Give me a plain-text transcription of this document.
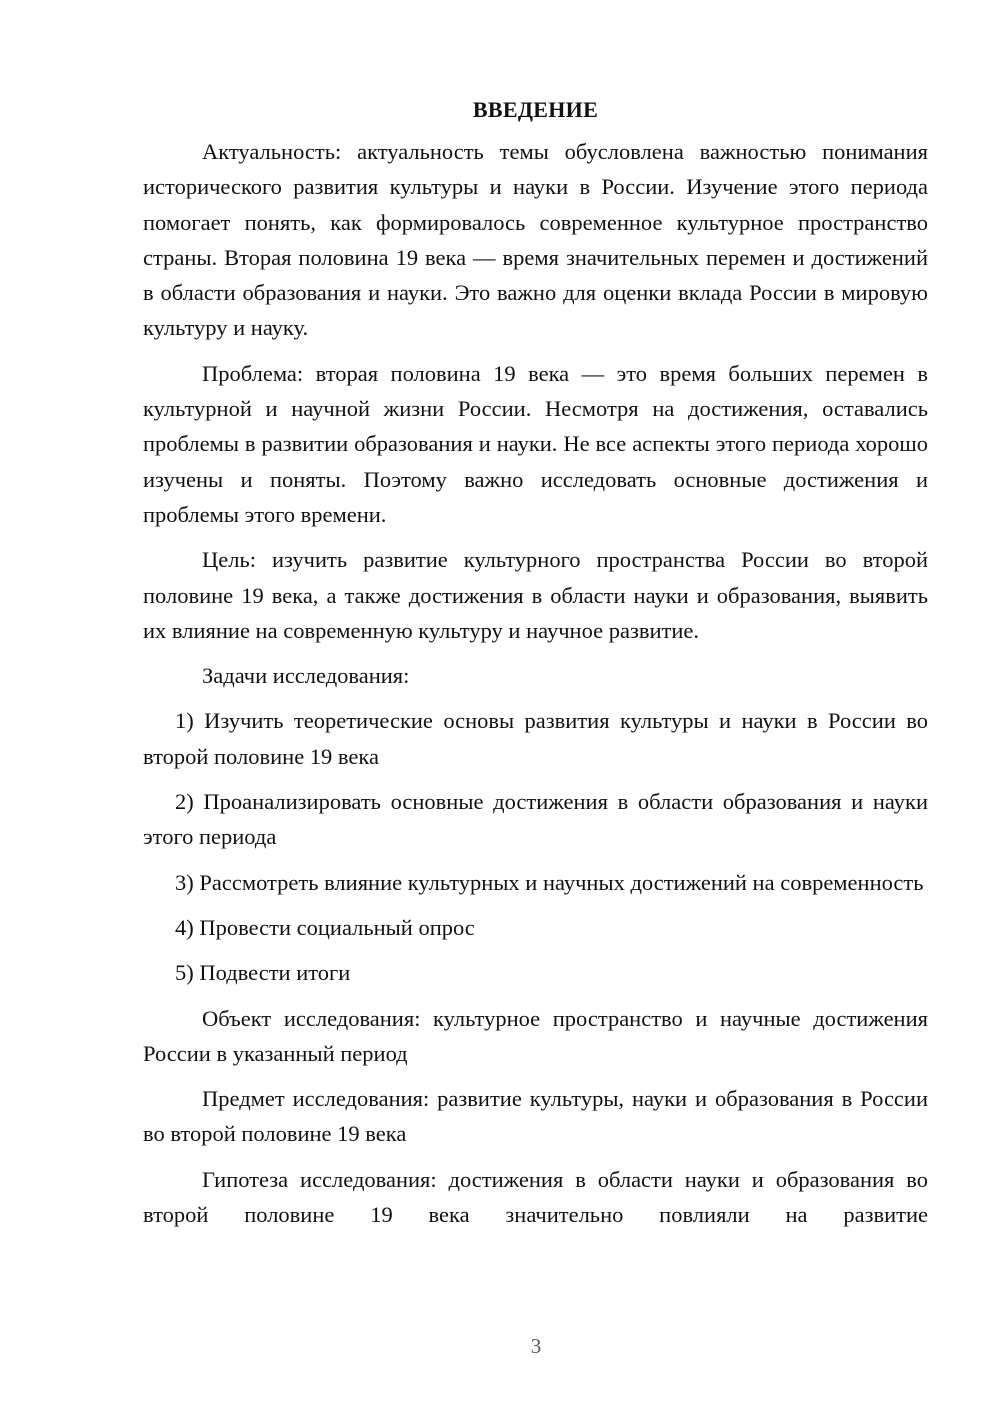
ВВЕДЕНИЕ

Актуальность: актуальность темы обусловлена важностью понимания исторического развития культуры и науки в России. Изучение этого периода помогает понять, как формировалось современное культурное пространство страны. Вторая половина 19 века — время значительных перемен и достижений в области образования и науки. Это важно для оценки вклада России в мировую культуру и науку.

Проблема: вторая половина 19 века — это время больших перемен в культурной и научной жизни России. Несмотря на достижения, оставались проблемы в развитии образования и науки. Не все аспекты этого периода хорошо изучены и поняты. Поэтому важно исследовать основные достижения и проблемы этого времени.

Цель: изучить развитие культурного пространства России во второй половине 19 века, а также достижения в области науки и образования, выявить их влияние на современную культуру и научное развитие.

Задачи исследования:

1) Изучить теоретические основы развития культуры и науки в России во второй половине 19 века

2) Проанализировать основные достижения в области образования и науки этого периода

3) Рассмотреть влияние культурных и научных достижений на современность

4) Провести социальный опрос

5) Подвести итоги

Объект исследования: культурное пространство и научные достижения России в указанный период

Предмет исследования: развитие культуры, науки и образования в России во второй половине 19 века

Гипотеза исследования: достижения в области науки и образования во второй половине 19 века значительно повлияли на развитие

3
